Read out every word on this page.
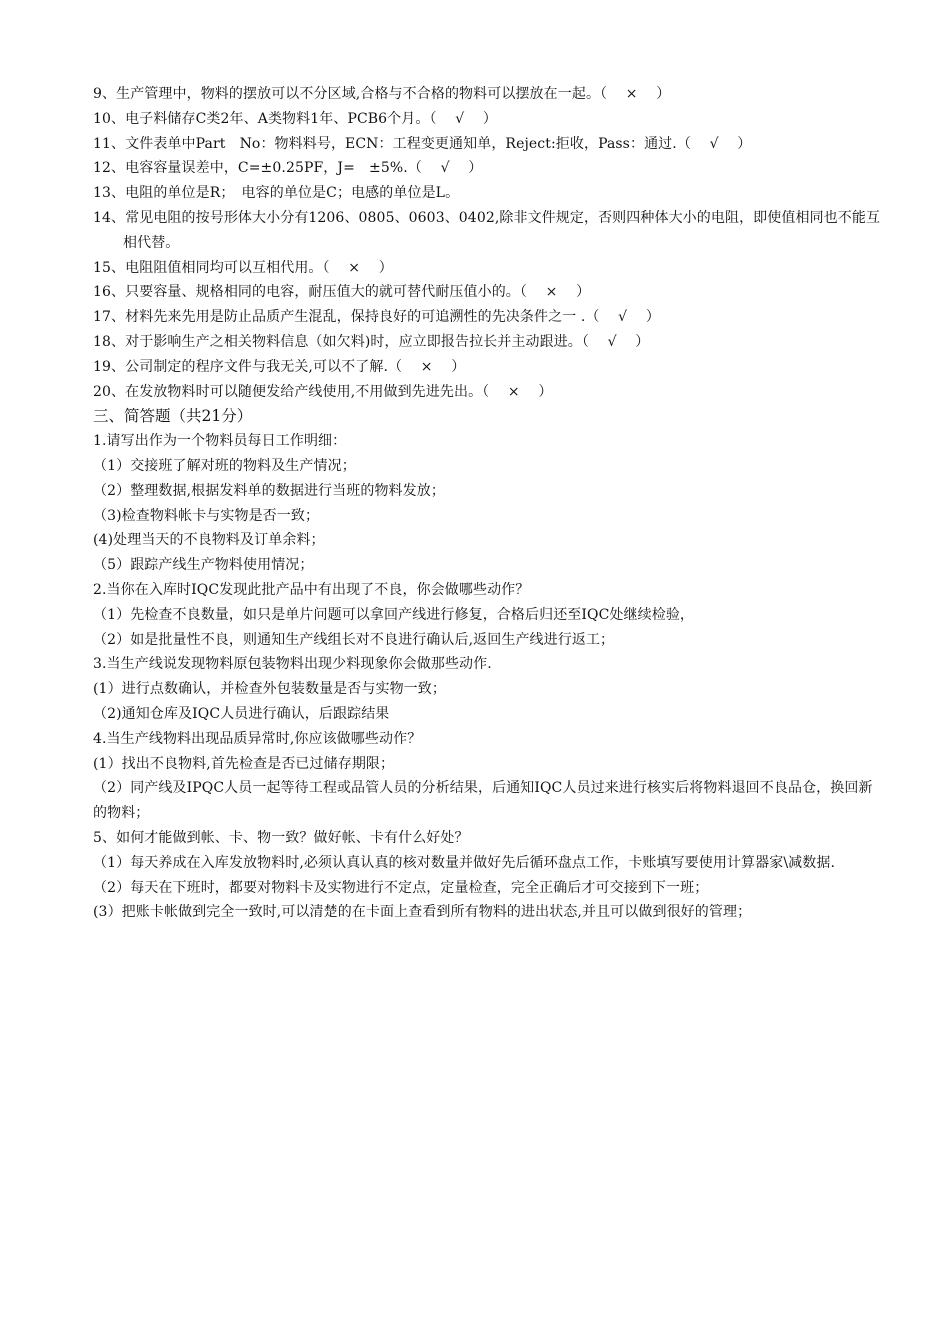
9、生产管理中，物料的摆放可以不分区域,合格与不合格的物料可以摆放在一起。（　 ×　 ）
10、电子料储存C类2年、A类物料1年、PCB6个月。（　 √　 ）
11、文件表单中Part　No：物料料号，ECN：工程变更通知单，Reject:拒收，Pass：通过.（　 √　 ）
12、电容容量误差中，C=±0.25PF，J=　±5%.（　 √　 ）
13、电阻的单位是R；　电容的单位是C；电感的单位是L。
14、常见电阻的按号形体大小分有1206、0805、0603、0402,除非文件规定，否则四种体大小的电阻，即使值相同也不能互相代替。
15、电阻阻值相同均可以互相代用。（　 ×　 ）
16、只要容量、规格相同的电容，耐压值大的就可替代耐压值小的。（　 ×　 ）
17、材料先来先用是防止品质产生混乱，保持良好的可追溯性的先决条件之一 .（　 √　 ）
18、对于影响生产之相关物料信息（如欠料)时，应立即报告拉长并主动跟进。（　 √　 ）
19、公司制定的程序文件与我无关,可以不了解.（　 ×　 ）
20、在发放物料时可以随便发给产线使用,不用做到先进先出。（　 ×　 ）
三、简答题（共21分）
1.请写出作为一个物料员每日工作明细：
（1）交接班了解对班的物料及生产情况；
（2）整理数据,根据发料单的数据进行当班的物料发放；
（3)检查物料帐卡与实物是否一致；
(4)处理当天的不良物料及订单余料；
（5）跟踪产线生产物料使用情况；
2.当你在入库时IQC发现此批产品中有出现了不良，你会做哪些动作？
（1）先检查不良数量，如只是单片问题可以拿回产线进行修复，合格后归还至IQC处继续检验，
（2）如是批量性不良，则通知生产线组长对不良进行确认后,返回生产线进行返工；
3.当生产线说发现物料原包装物料出现少料现象你会做那些动作.
(1）进行点数确认，并检查外包装数量是否与实物一致；
（2)通知仓库及IQC人员进行确认，后跟踪结果
4.当生产线物料出现品质异常时,你应该做哪些动作？
(1）找出不良物料,首先检查是否已过储存期限；
（2）同产线及IPQC人员一起等待工程或品管人员的分析结果，后通知IQC人员过来进行核实后将物料退回不良品仓，换回新的物料；
5、如何才能做到帐、卡、物一致？做好帐、卡有什么好处？
（1）每天养成在入库发放物料时,必须认真认真的核对数量并做好先后循环盘点工作，卡账填写要使用计算器家\减数据.
（2）每天在下班时，都要对物料卡及实物进行不定点，定量检查，完全正确后才可交接到下一班；
(3）把账卡帐做到完全一致时,可以清楚的在卡面上查看到所有物料的进出状态,并且可以做到很好的管理；
